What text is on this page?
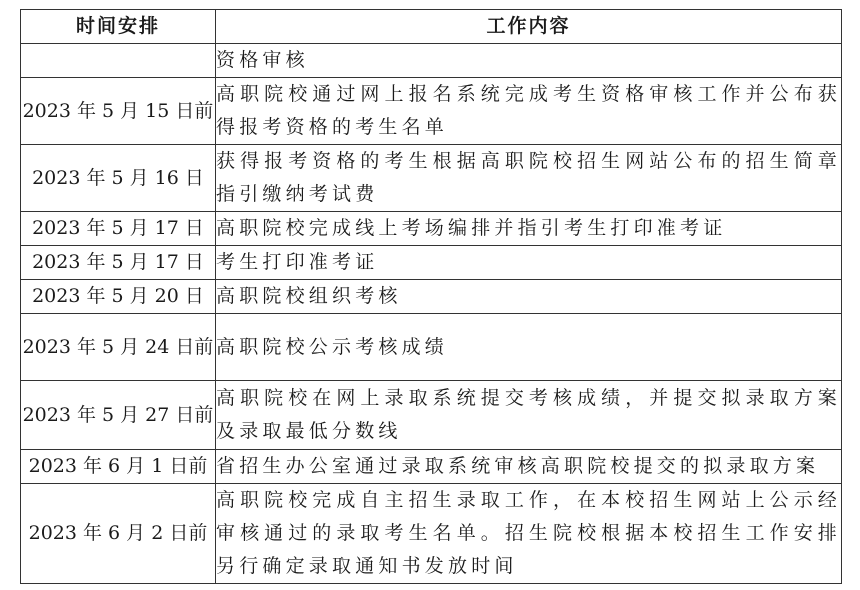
时间安排	工作内容
	资格审核
2023 年 5 月 15 日前	高职院校通过网上报名系统完成考生资格审核工作并公布获得报考资格的考生名单
2023 年 5 月 16 日	获得报考资格的考生根据高职院校招生网站公布的招生简章指引缴纳考试费
2023 年 5 月 17 日	高职院校完成线上考场编排并指引考生打印准考证
2023 年 5 月 17 日	考生打印准考证
2023 年 5 月 20 日	高职院校组织考核
2023 年 5 月 24 日前	高职院校公示考核成绩
2023 年 5 月 27 日前	高职院校在网上录取系统提交考核成绩，并提交拟录取方案及录取最低分数线
2023 年 6 月 1 日前	省招生办公室通过录取系统审核高职院校提交的拟录取方案
2023 年 6 月 2 日前	高职院校完成自主招生录取工作，在本校招生网站上公示经审核通过的录取考生名单。招生院校根据本校招生工作安排另行确定录取通知书发放时间
